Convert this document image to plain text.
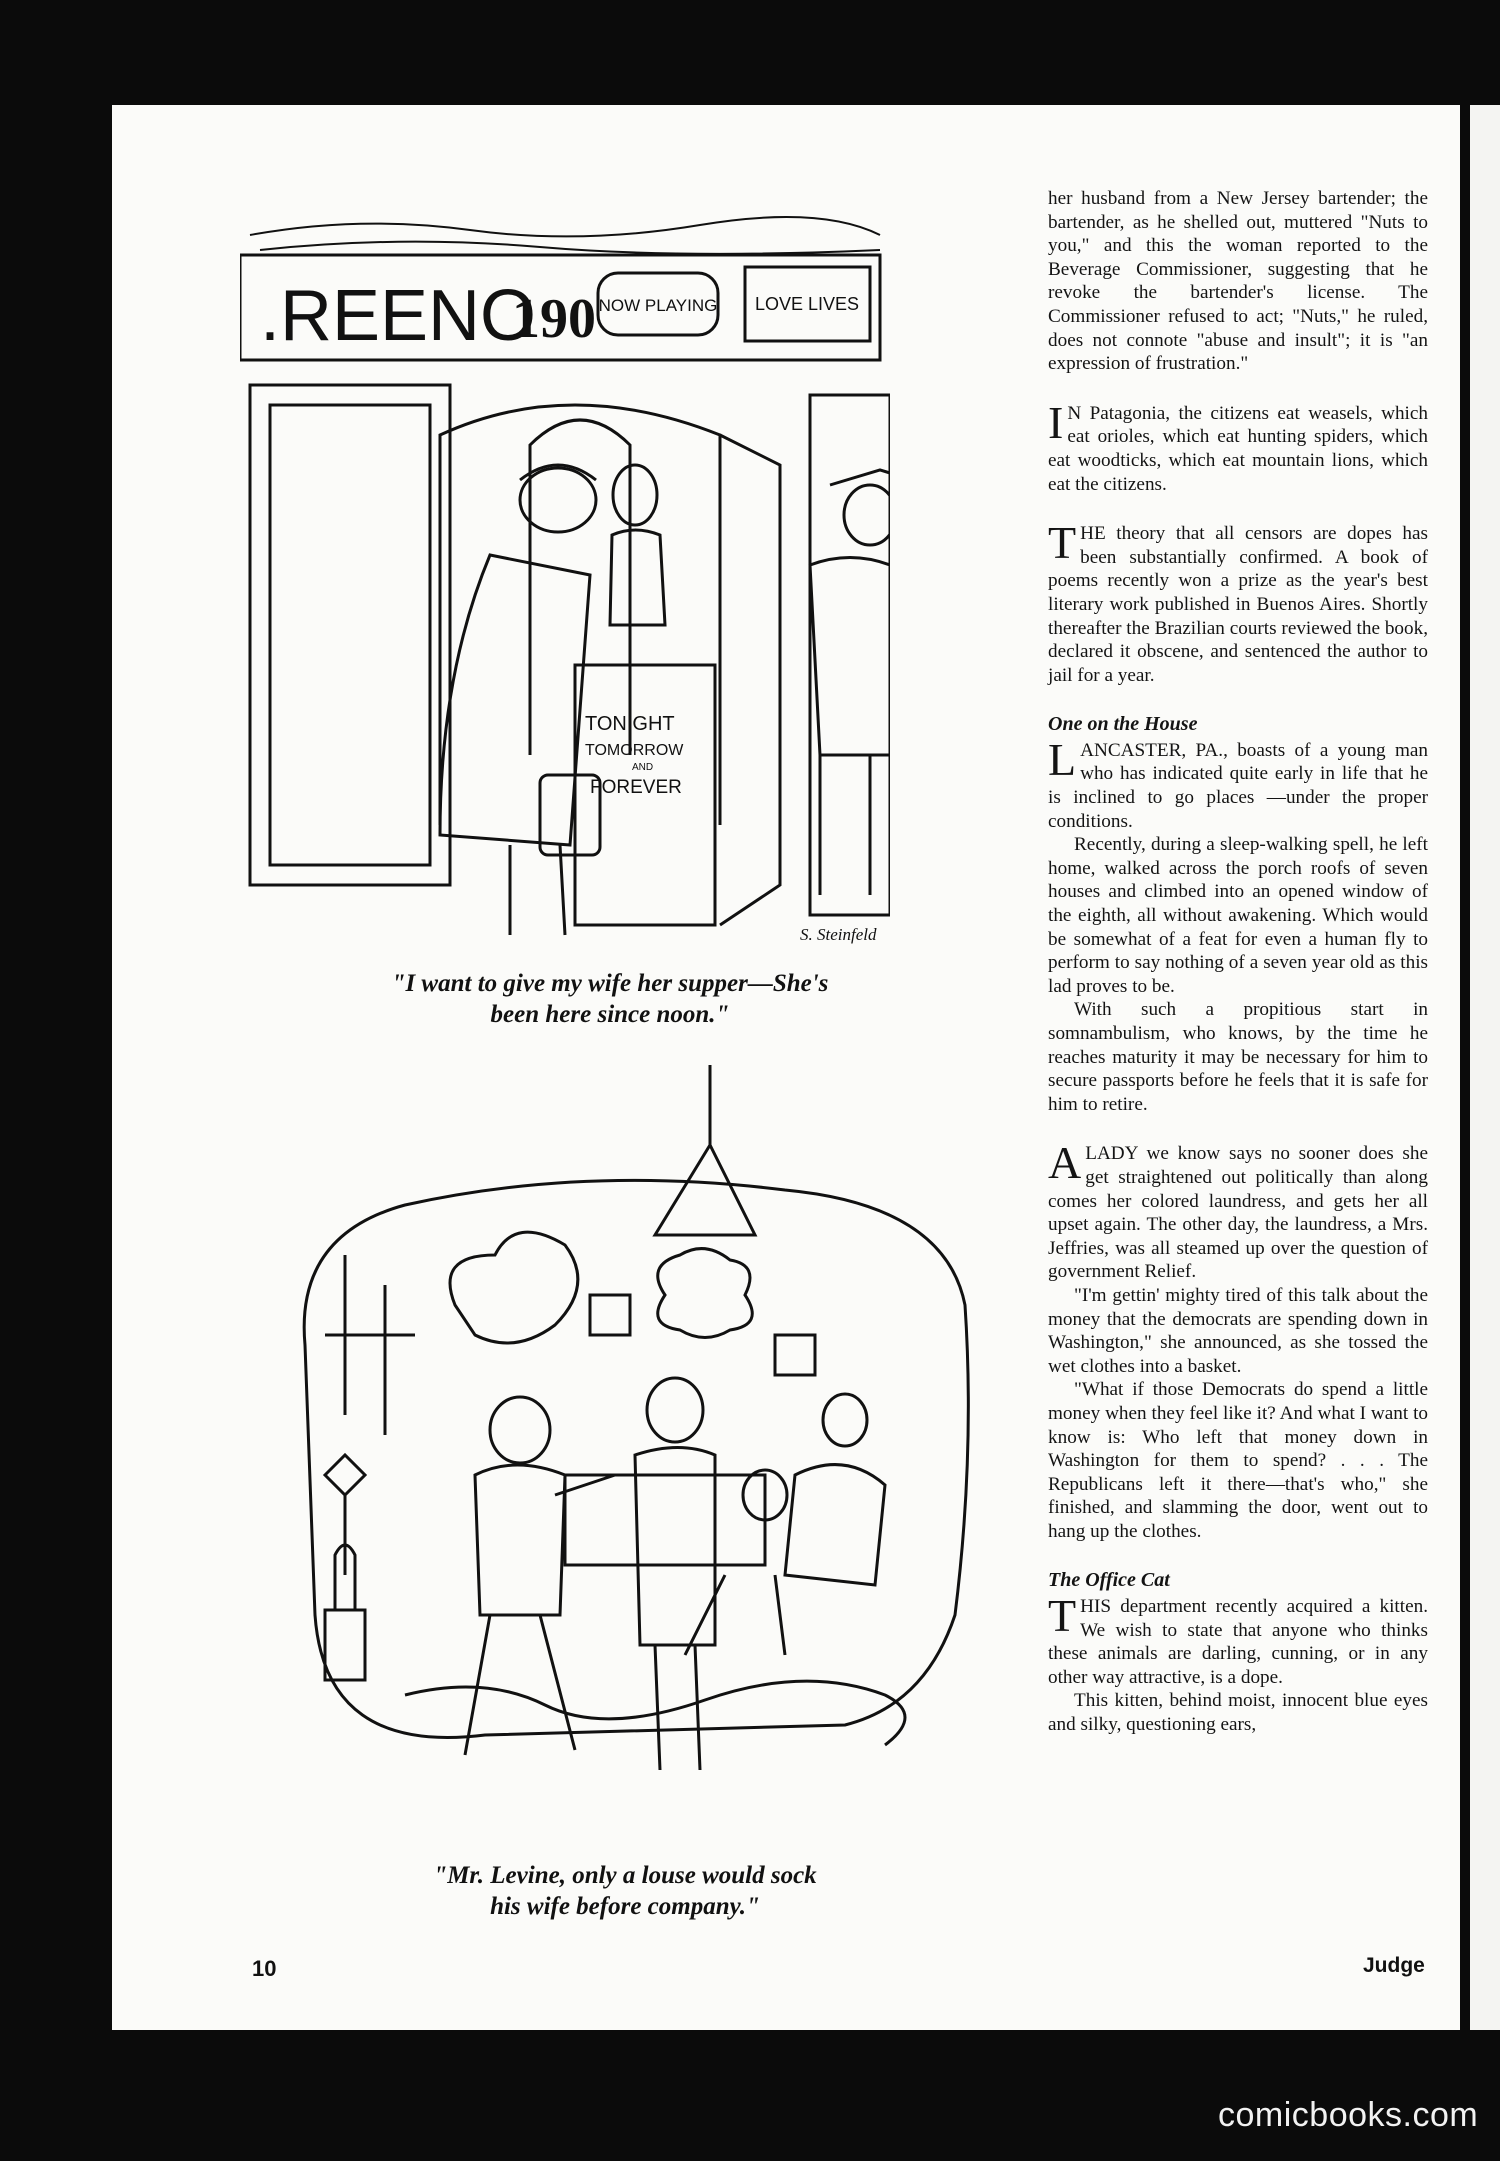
.REENO
190 NOW PLAYING LOVE LIVES
TONIGHT
TOMORROW
AND
FOREVER
S. Steinfeld
"I want to give my wife her supper—She's
been here since noon."
"Mr. Levine, only a louse would sock
his wife before company."

her husband from a New Jersey bartender; the bartender, as he shelled out, muttered "Nuts to you," and this the woman reported to the Beverage Commissioner, suggesting that he revoke the bartender's license. The Commissioner refused to act; "Nuts," he ruled, does not connote "abuse and insult"; it is "an expression of frustration."

I N Patagonia, the citizens eat weasels, which eat orioles, which eat hunting spiders, which eat woodticks, which eat mountain lions, which eat the citizens.

THE theory that all censors are dopes has been substantially confirmed. A book of poems recently won a prize as the year's best literary work published in Buenos Aires. Shortly thereafter the Brazilian courts reviewed the book, declared it obscene, and sentenced the author to jail for a year.

One on the House

LANCASTER, PA., boasts of a young man who has indicated quite early in life that he is inclined to go places —under the proper conditions.

Recently, during a sleep-walking spell, he left home, walked across the porch roofs of seven houses and climbed into an opened window of the eighth, all without awakening. Which would be somewhat of a feat for even a human fly to perform to say nothing of a seven year old as this lad proves to be.

With such a propitious start in somnambulism, who knows, by the time he reaches maturity it may be necessary for him to secure passports before he feels that it is safe for him to retire.

A LADY we know says no sooner does she get straightened out politically than along comes her colored laundress, and gets her all upset again. The other day, the laundress, a Mrs. Jeffries, was all steamed up over the question of government Relief.

"I'm gettin' mighty tired of this talk about the money that the democrats are spending down in Washington," she announced, as she tossed the wet clothes into a basket.

"What if those Democrats do spend a little money when they feel like it? And what I want to know is: Who left that money down in Washington for them to spend? . . . The Republicans left it there—that's who," she finished, and slamming the door, went out to hang up the clothes.

The Office Cat

THIS department recently acquired a kitten. We wish to state that anyone who thinks these animals are darling, cunning, or in any other way attractive, is a dope.

This kitten, behind moist, innocent blue eyes and silky, questioning ears,

10	Judge
comicbooks.com
